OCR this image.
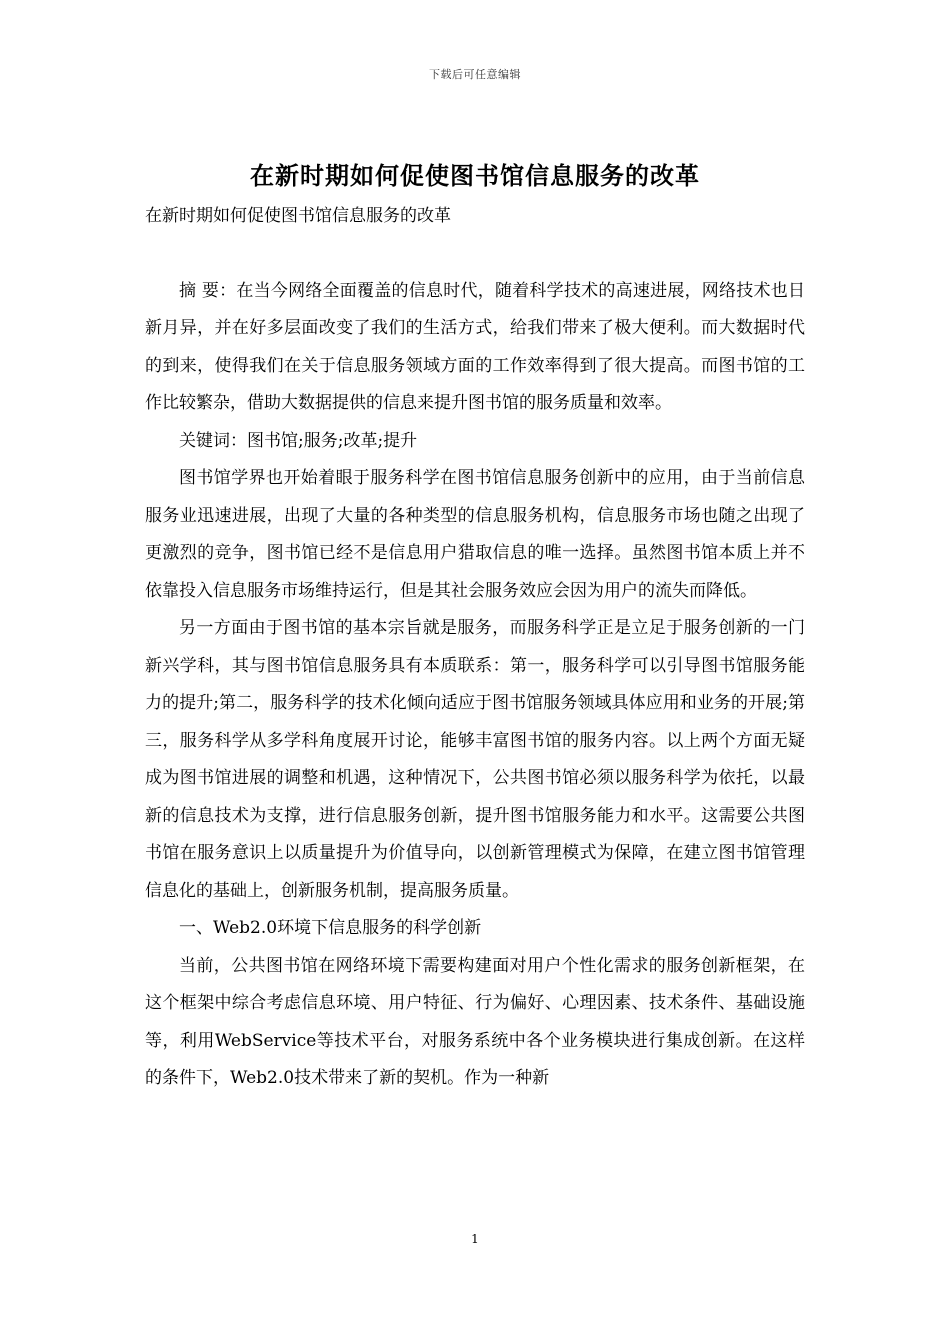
下载后可任意编辑
在新时期如何促使图书馆信息服务的改革

在新时期如何促使图书馆信息服务的改革

摘 要：在当今网络全面覆盖的信息时代，随着科学技术的高速进展，网络技术也日新月异，并在好多层面改变了我们的生活方式，给我们带来了极大便利。而大数据时代的到来，使得我们在关于信息服务领域方面的工作效率得到了很大提高。而图书馆的工作比较繁杂，借助大数据提供的信息来提升图书馆的服务质量和效率。

关键词：图书馆;服务;改革;提升

图书馆学界也开始着眼于服务科学在图书馆信息服务创新中的应用，由于当前信息服务业迅速进展，出现了大量的各种类型的信息服务机构，信息服务市场也随之出现了更激烈的竞争，图书馆已经不是信息用户猎取信息的唯一选择。虽然图书馆本质上并不依靠投入信息服务市场维持运行，但是其社会服务效应会因为用户的流失而降低。

另一方面由于图书馆的基本宗旨就是服务，而服务科学正是立足于服务创新的一门新兴学科，其与图书馆信息服务具有本质联系：第一，服务科学可以引导图书馆服务能力的提升;第二，服务科学的技术化倾向适应于图书馆服务领域具体应用和业务的开展;第三，服务科学从多学科角度展开讨论，能够丰富图书馆的服务内容。以上两个方面无疑成为图书馆进展的调整和机遇，这种情况下，公共图书馆必须以服务科学为依托，以最新的信息技术为支撑，进行信息服务创新，提升图书馆服务能力和水平。这需要公共图书馆在服务意识上以质量提升为价值导向，以创新管理模式为保障，在建立图书馆管理信息化的基础上，创新服务机制，提高服务质量。

一、Web2.0环境下信息服务的科学创新

当前，公共图书馆在网络环境下需要构建面对用户个性化需求的服务创新框架，在这个框架中综合考虑信息环境、用户特征、行为偏好、心理因素、技术条件、基础设施等，利用WebService等技术平台，对服务系统中各个业务模块进行集成创新。在这样的条件下，Web2.0技术带来了新的契机。作为一种新

1
